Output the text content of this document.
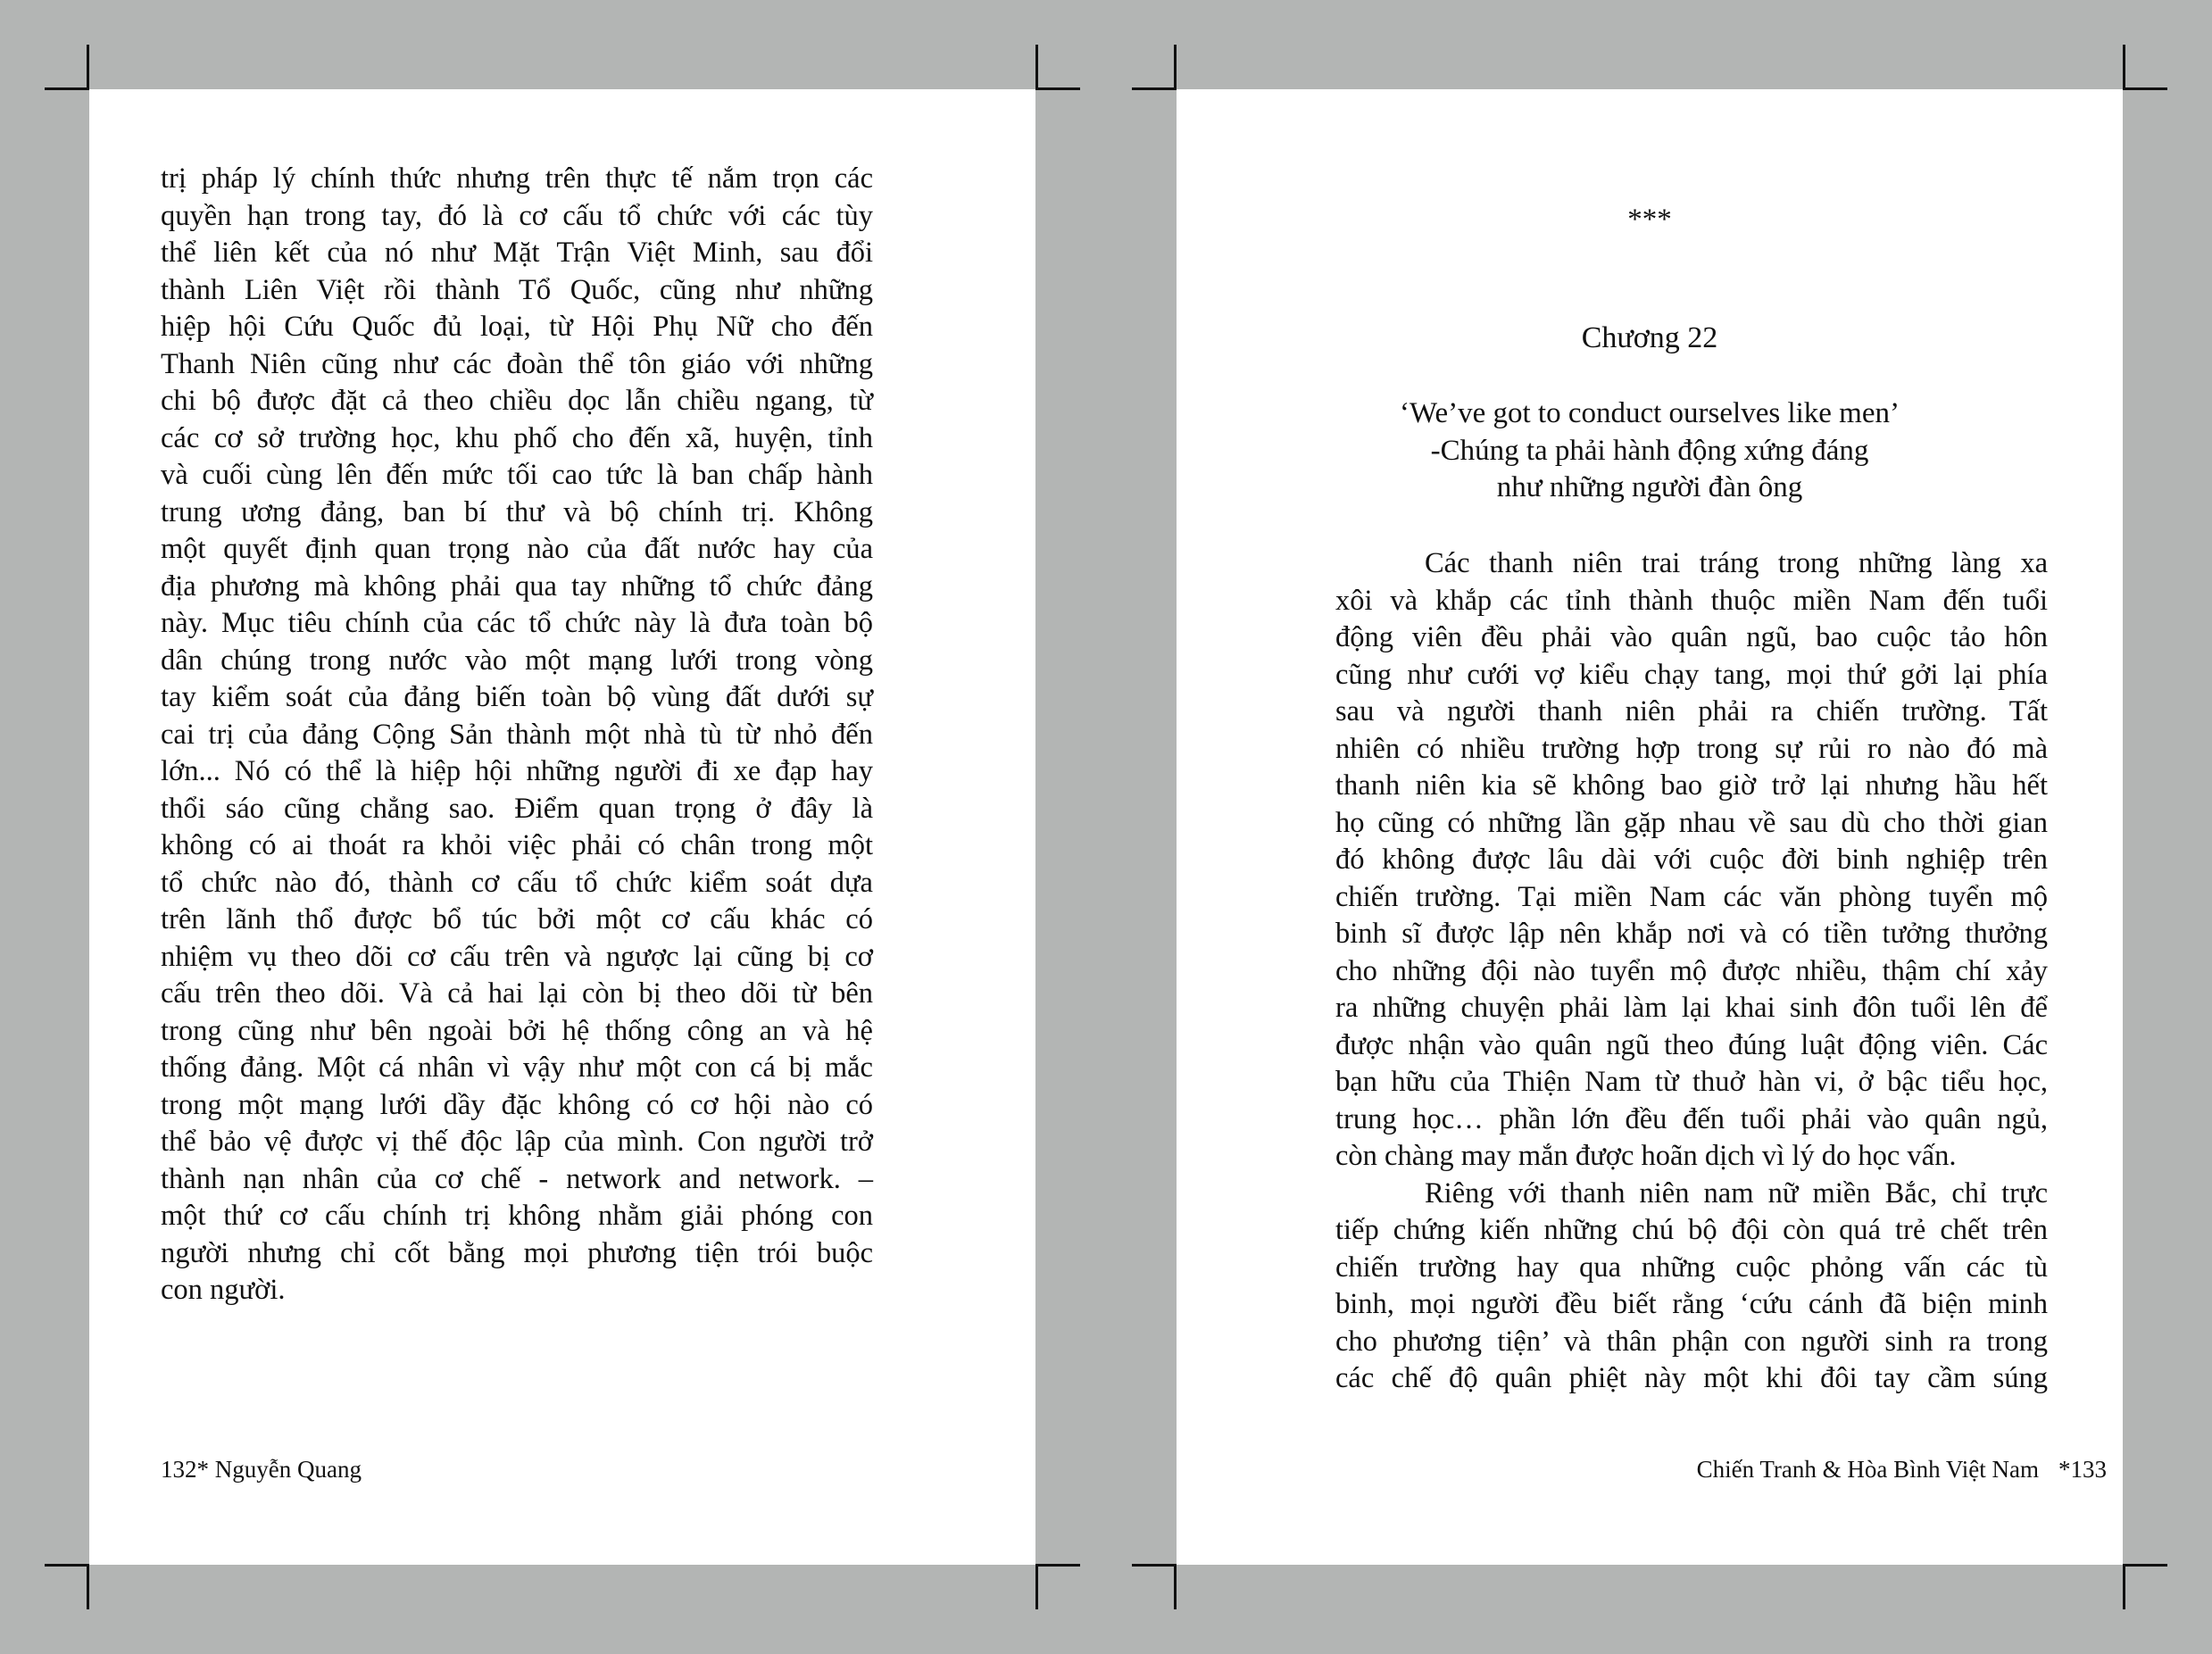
trị pháp lý chính thức nhưng trên thực tế nắm trọn các
quyền hạn trong tay, đó là cơ cấu tổ chức với các tùy
thể liên kết của nó như Mặt Trận Việt Minh, sau đổi
thành Liên Việt rồi thành Tổ Quốc, cũng như những
hiệp hội Cứu Quốc đủ loại, từ Hội Phụ Nữ cho đến
Thanh Niên cũng như các đoàn thể tôn giáo với những
chi bộ được đặt cả theo chiều dọc lẫn chiều ngang, từ
các cơ sở trường học, khu phố cho đến xã, huyện, tỉnh
và cuối cùng lên đến mức tối cao tức là ban chấp hành
trung ương đảng, ban bí thư và bộ chính trị. Không
một quyết định quan trọng nào của đất nước hay của
địa phương mà không phải qua tay những tổ chức đảng
này. Mục tiêu chính của các tổ chức này là đưa toàn bộ
dân chúng trong nước vào một mạng lưới trong vòng
tay kiểm soát của đảng biến toàn bộ vùng đất dưới sự
cai trị của đảng Cộng Sản thành một nhà tù từ nhỏ đến
lớn... Nó có thể là hiệp hội những người đi xe đạp hay
thổi sáo cũng chẳng sao. Điểm quan trọng ở đây là
không có ai thoát ra khỏi việc phải có chân trong một
tổ chức nào đó, thành cơ cấu tổ chức kiểm soát dựa
trên lãnh thổ được bổ túc bởi một cơ cấu khác có
nhiệm vụ theo dõi cơ cấu trên và ngược lại cũng bị cơ
cấu trên theo dõi. Và cả hai lại còn bị theo dõi từ bên
trong cũng như bên ngoài bởi hệ thống công an và hệ
thống đảng. Một cá nhân vì vậy như một con cá bị mắc
trong một mạng lưới dầy đặc không có cơ hội nào có
thể bảo vệ được vị thế độc lập của mình. Con người trở
thành nạn nhân của cơ chế - network and network. –
một thứ cơ cấu chính trị không nhằm giải phóng con
người nhưng chỉ cốt bằng mọi phương tiện trói buộc
con người.
132* Nguyễn Quang
***
Chương 22
‘We’ve got to conduct ourselves like men’
-Chúng ta phải hành động xứng đáng
như những người đàn ông
Các thanh niên trai tráng trong những làng xa
xôi và khắp các tỉnh thành thuộc miền Nam đến tuổi
động viên đều phải vào quân ngũ, bao cuộc tảo hôn
cũng như cưới vợ kiểu chạy tang, mọi thứ gởi lại phía
sau và người thanh niên phải ra chiến trường. Tất
nhiên có nhiều trường hợp trong sự rủi ro nào đó mà
thanh niên kia sẽ không bao giờ trở lại nhưng hầu hết
họ cũng có những lần gặp nhau về sau dù cho thời gian
đó không được lâu dài với cuộc đời binh nghiệp trên
chiến trường. Tại miền Nam các văn phòng tuyển mộ
binh sĩ được lập nên khắp nơi và có tiền tưởng thưởng
cho những đội nào tuyển mộ được nhiều, thậm chí xảy
ra những chuyện phải làm lại khai sinh đôn tuổi lên để
được nhận vào quân ngũ theo đúng luật động viên. Các
bạn hữu của Thiện Nam từ thuở hàn vi, ở bậc tiểu học,
trung học… phần lớn đều đến tuổi phải vào quân ngủ,
còn chàng may mắn được hoãn dịch vì lý do học vấn.
Riêng với thanh niên nam nữ miền Bắc, chỉ trực
tiếp chứng kiến những chú bộ đội còn quá trẻ chết trên
chiến trường hay qua những cuộc phỏng vấn các tù
binh, mọi người đều biết rằng ‘cứu cánh đã biện minh
cho phương tiện’ và thân phận con người sinh ra trong
các chế độ quân phiệt này một khi đôi tay cầm súng
Chiến Tranh & Hòa Bình Việt Nam *133
